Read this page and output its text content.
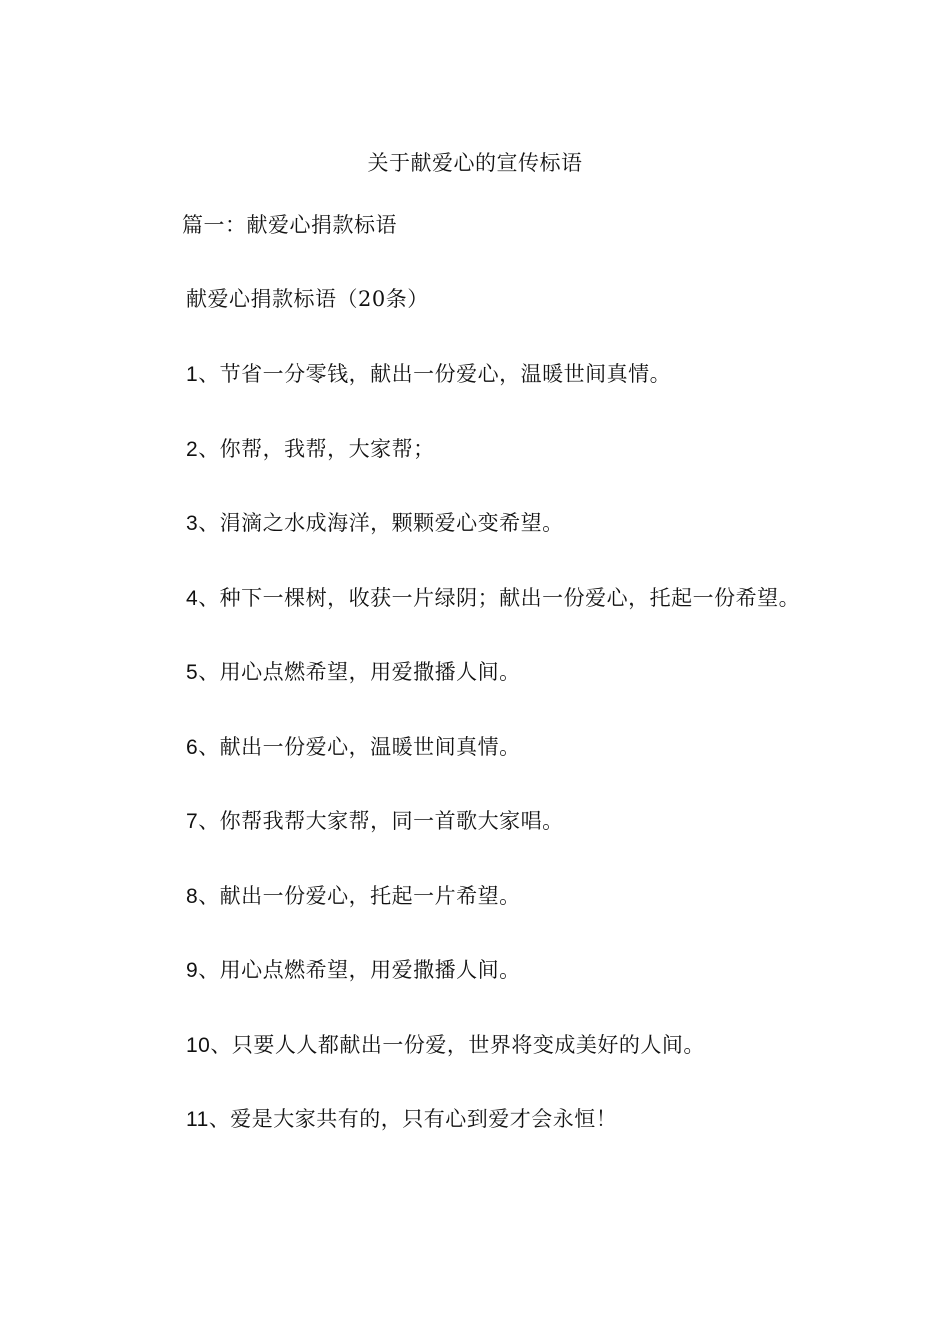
关于献爱心的宣传标语
篇一：献爱心捐款标语
献爱心捐款标语（20条）
1、节省一分零钱，献出一份爱心，温暖世间真情。
2、你帮，我帮，大家帮；
3、涓滴之水成海洋，颗颗爱心变希望。
4、种下一棵树，收获一片绿阴；献出一份爱心，托起一份希望。
5、用心点燃希望，用爱撒播人间。
6、献出一份爱心，温暖世间真情。
7、你帮我帮大家帮，同一首歌大家唱。
8、献出一份爱心，托起一片希望。
9、用心点燃希望，用爱撒播人间。
10、只要人人都献出一份爱，世界将变成美好的人间。
11、爱是大家共有的，只有心到爱才会永恒！
